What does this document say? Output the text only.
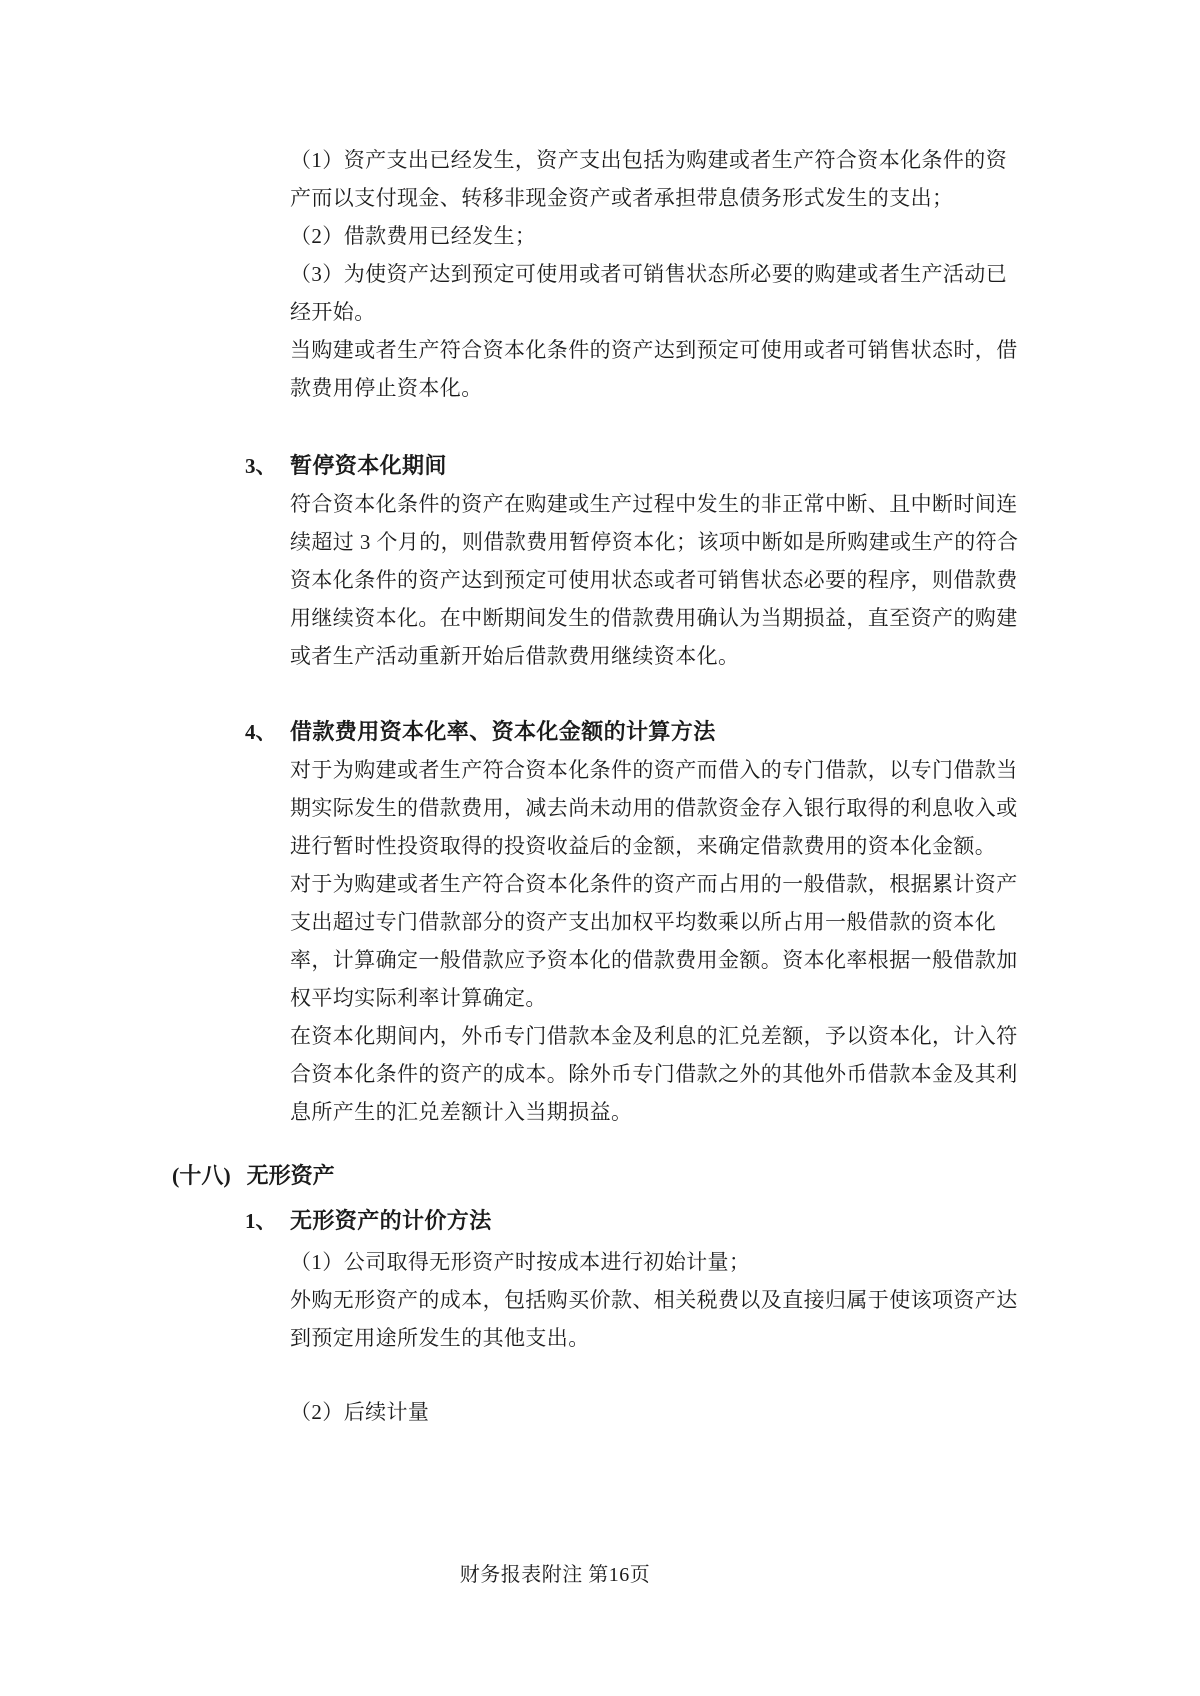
（1）资产支出已经发生，资产支出包括为购建或者生产符合资本化条件的资
产而以支付现金、转移非现金资产或者承担带息债务形式发生的支出；
（2）借款费用已经发生；
（3）为使资产达到预定可使用或者可销售状态所必要的购建或者生产活动已
经开始。
当购建或者生产符合资本化条件的资产达到预定可使用或者可销售状态时，借
款费用停止资本化。
3、 暂停资本化期间
符合资本化条件的资产在购建或生产过程中发生的非正常中断、且中断时间连
续超过 3 个月的，则借款费用暂停资本化；该项中断如是所购建或生产的符合
资本化条件的资产达到预定可使用状态或者可销售状态必要的程序，则借款费
用继续资本化。在中断期间发生的借款费用确认为当期损益，直至资产的购建
或者生产活动重新开始后借款费用继续资本化。
4、 借款费用资本化率、资本化金额的计算方法
对于为购建或者生产符合资本化条件的资产而借入的专门借款，以专门借款当
期实际发生的借款费用，减去尚未动用的借款资金存入银行取得的利息收入或
进行暂时性投资取得的投资收益后的金额，来确定借款费用的资本化金额。
对于为购建或者生产符合资本化条件的资产而占用的一般借款，根据累计资产
支出超过专门借款部分的资产支出加权平均数乘以所占用一般借款的资本化
率，计算确定一般借款应予资本化的借款费用金额。资本化率根据一般借款加
权平均实际利率计算确定。
在资本化期间内，外币专门借款本金及利息的汇兑差额，予以资本化，计入符
合资本化条件的资产的成本。除外币专门借款之外的其他外币借款本金及其利
息所产生的汇兑差额计入当期损益。
(十八) 无形资产
1、 无形资产的计价方法
（1）公司取得无形资产时按成本进行初始计量；
外购无形资产的成本，包括购买价款、相关税费以及直接归属于使该项资产达
到预定用途所发生的其他支出。
（2）后续计量
财务报表附注 第16页
